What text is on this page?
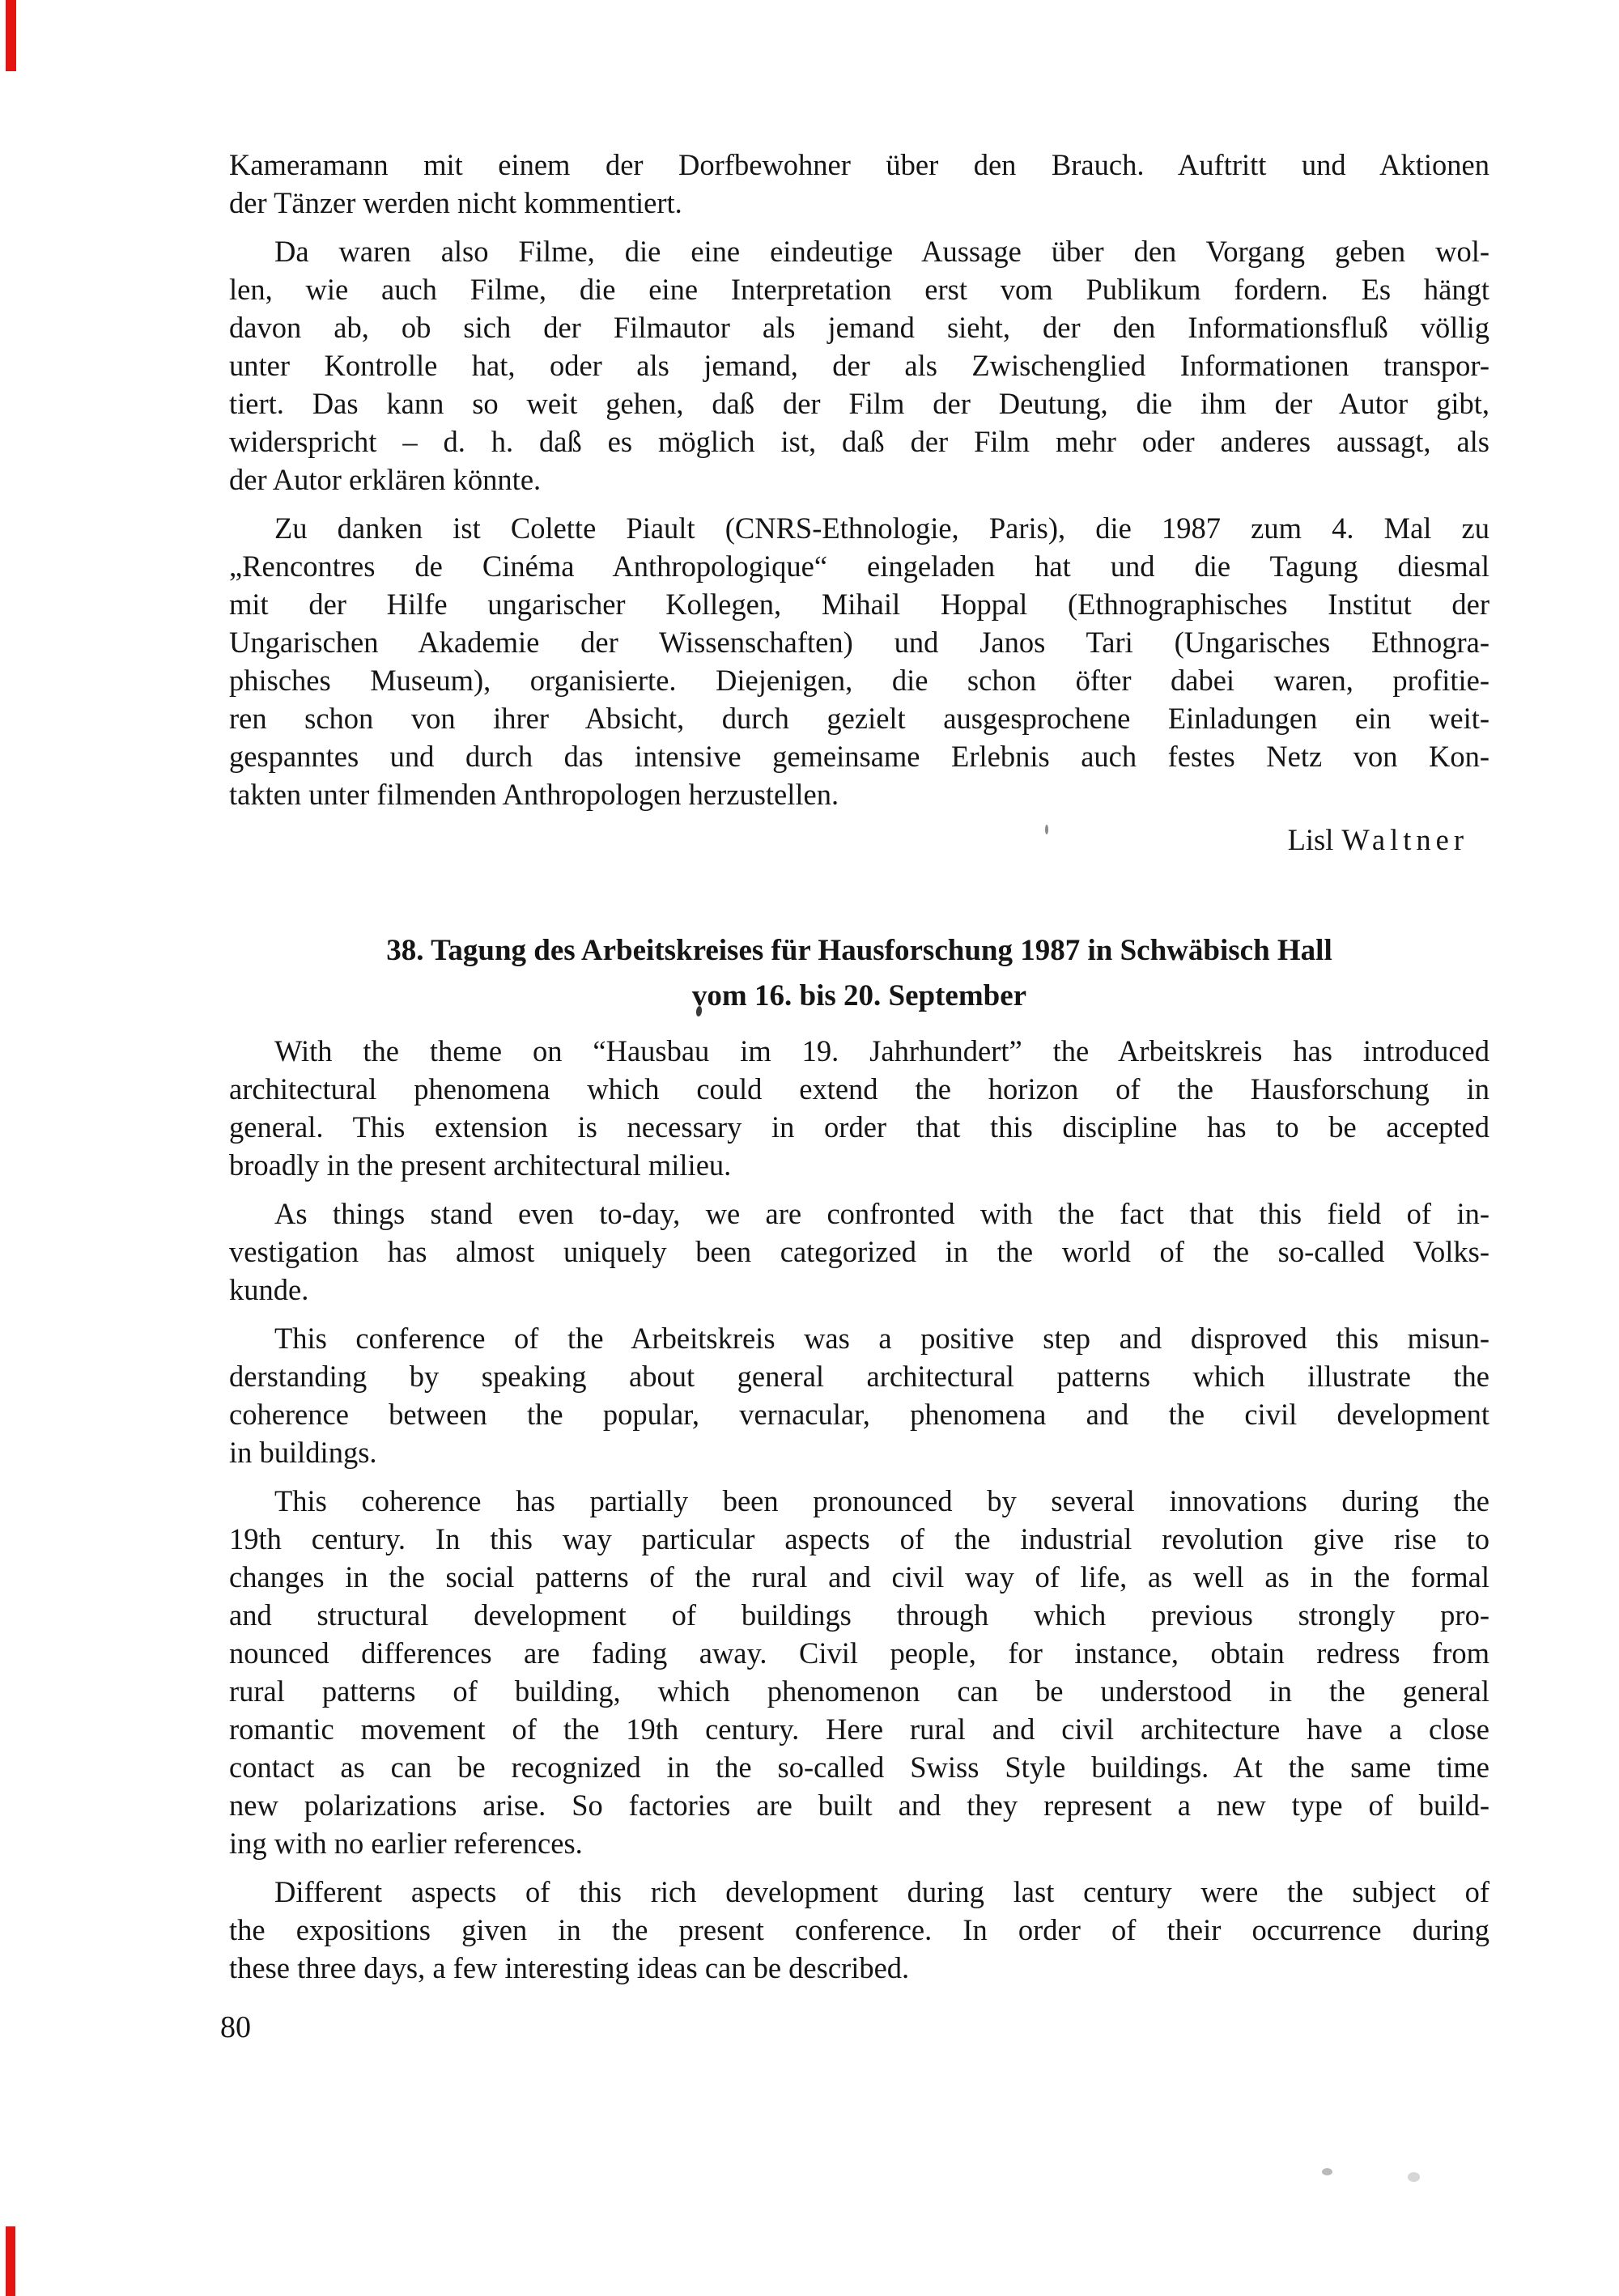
Kameramann mit einem der Dorfbewohner über den Brauch. Auftritt und Aktionen
der Tänzer werden nicht kommentiert.
Da waren also Filme, die eine eindeutige Aussage über den Vorgang geben wol-
len, wie auch Filme, die eine Interpretation erst vom Publikum fordern. Es hängt
davon ab, ob sich der Filmautor als jemand sieht, der den Informationsfluß völlig
unter Kontrolle hat, oder als jemand, der als Zwischenglied Informationen transpor-
tiert. Das kann so weit gehen, daß der Film der Deutung, die ihm der Autor gibt,
widerspricht – d. h. daß es möglich ist, daß der Film mehr oder anderes aussagt, als
der Autor erklären könnte.
Zu danken ist Colette Piault (CNRS-Ethnologie, Paris), die 1987 zum 4. Mal zu
„Rencontres de Cinéma Anthropologique“ eingeladen hat und die Tagung diesmal
mit der Hilfe ungarischer Kollegen, Mihail Hoppal (Ethnographisches Institut der
Ungarischen Akademie der Wissenschaften) und Janos Tari (Ungarisches Ethnogra-
phisches Museum), organisierte. Diejenigen, die schon öfter dabei waren, profitie-
ren schon von ihrer Absicht, durch gezielt ausgesprochene Einladungen ein weit-
gespanntes und durch das intensive gemeinsame Erlebnis auch festes Netz von Kon-
takten unter filmenden Anthropologen herzustellen.
Lisl Waltner
38. Tagung des Arbeitskreises für Hausforschung 1987 in Schwäbisch Hall
vom 16. bis 20. September
With the theme on “Hausbau im 19. Jahrhundert” the Arbeitskreis has introduced
architectural phenomena which could extend the horizon of the Hausforschung in
general. This extension is necessary in order that this discipline has to be accepted
broadly in the present architectural milieu.
As things stand even to-day, we are confronted with the fact that this field of in-
vestigation has almost uniquely been categorized in the world of the so-called Volks-
kunde.
This conference of the Arbeitskreis was a positive step and disproved this misun-
derstanding by speaking about general architectural patterns which illustrate the
coherence between the popular, vernacular, phenomena and the civil development
in buildings.
This coherence has partially been pronounced by several innovations during the
19th century. In this way particular aspects of the industrial revolution give rise to
changes in the social patterns of the rural and civil way of life, as well as in the formal
and structural development of buildings through which previous strongly pro-
nounced differences are fading away. Civil people, for instance, obtain redress from
rural patterns of building, which phenomenon can be understood in the general
romantic movement of the 19th century. Here rural and civil architecture have a close
contact as can be recognized in the so-called Swiss Style buildings. At the same time
new polarizations arise. So factories are built and they represent a new type of build-
ing with no earlier references.
Different aspects of this rich development during last century were the subject of
the expositions given in the present conference. In order of their occurrence during
these three days, a few interesting ideas can be described.
80
